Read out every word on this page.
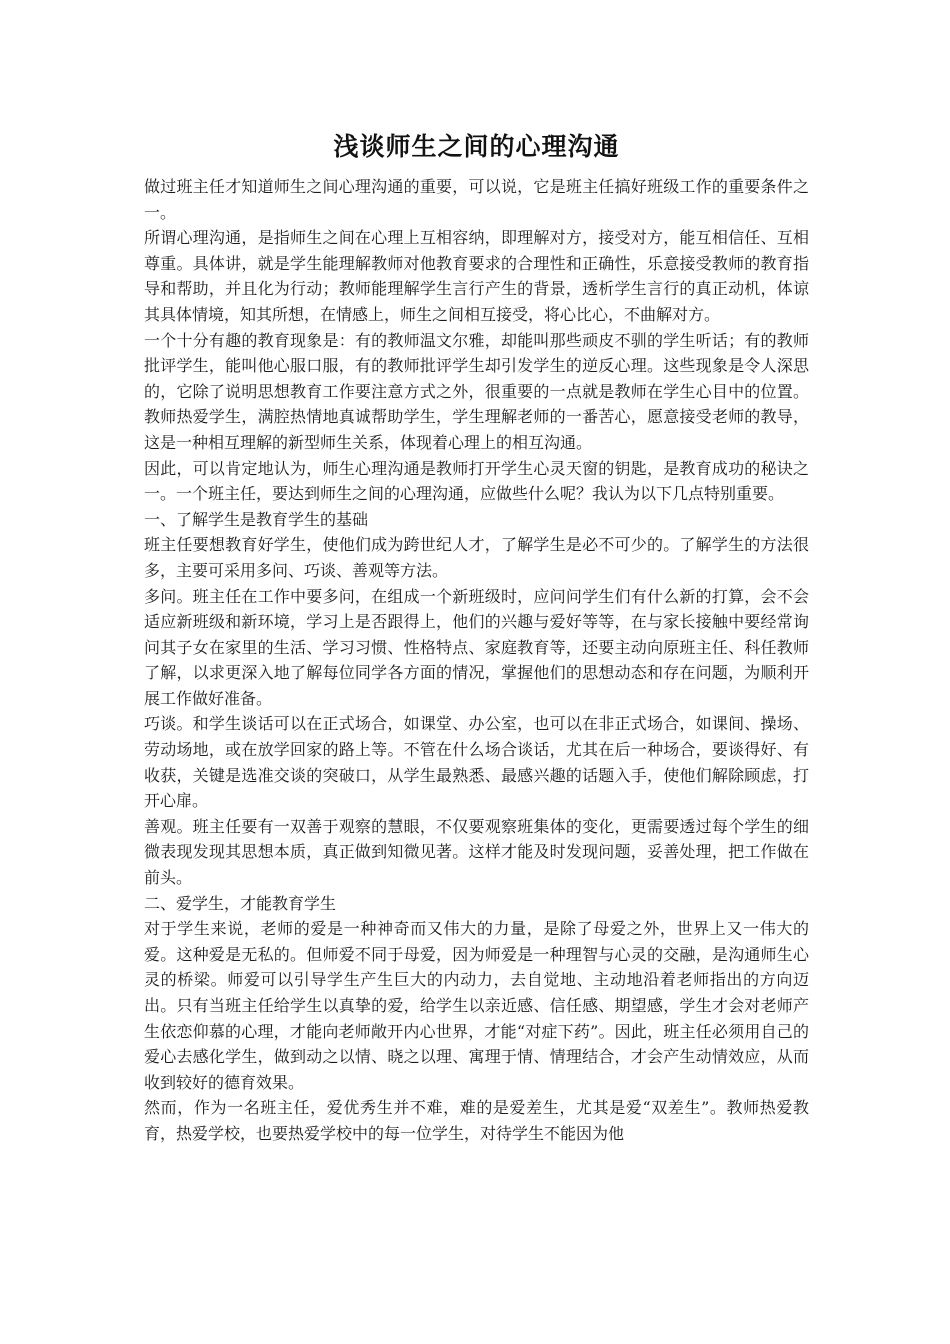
浅谈师生之间的心理沟通

做过班主任才知道师生之间心理沟通的重要，可以说，它是班主任搞好班级工作的重要条件之一。

所谓心理沟通，是指师生之间在心理上互相容纳，即理解对方，接受对方，能互相信任、互相尊重。具体讲，就是学生能理解教师对他教育要求的合理性和正确性，乐意接受教师的教育指导和帮助，并且化为行动；教师能理解学生言行产生的背景，透析学生言行的真正动机，体谅其具体情境，知其所想，在情感上，师生之间相互接受，将心比心，不曲解对方。

一个十分有趣的教育现象是：有的教师温文尔雅，却能叫那些顽皮不驯的学生听话；有的教师批评学生，能叫他心服口服，有的教师批评学生却引发学生的逆反心理。这些现象是令人深思的，它除了说明思想教育工作要注意方式之外，很重要的一点就是教师在学生心目中的位置。教师热爱学生，满腔热情地真诚帮助学生，学生理解老师的一番苦心，愿意接受老师的教导，这是一种相互理解的新型师生关系，体现着心理上的相互沟通。

因此，可以肯定地认为，师生心理沟通是教师打开学生心灵天窗的钥匙，是教育成功的秘诀之一。一个班主任，要达到师生之间的心理沟通，应做些什么呢？我认为以下几点特别重要。

一、了解学生是教育学生的基础

班主任要想教育好学生，使他们成为跨世纪人才，了解学生是必不可少的。了解学生的方法很多，主要可采用多问、巧谈、善观等方法。

多问。班主任在工作中要多问，在组成一个新班级时，应问问学生们有什么新的打算，会不会适应新班级和新环境，学习上是否跟得上，他们的兴趣与爱好等等，在与家长接触中要经常询问其子女在家里的生活、学习习惯、性格特点、家庭教育等，还要主动向原班主任、科任教师了解，以求更深入地了解每位同学各方面的情况，掌握他们的思想动态和存在问题，为顺利开展工作做好准备。

巧谈。和学生谈话可以在正式场合，如课堂、办公室，也可以在非正式场合，如课间、操场、劳动场地，或在放学回家的路上等。不管在什么场合谈话，尤其在后一种场合，要谈得好、有收获，关键是选准交谈的突破口，从学生最熟悉、最感兴趣的话题入手，使他们解除顾虑，打开心扉。

善观。班主任要有一双善于观察的慧眼，不仅要观察班集体的变化，更需要透过每个学生的细微表现发现其思想本质，真正做到知微见著。这样才能及时发现问题，妥善处理，把工作做在前头。

二、爱学生，才能教育学生

对于学生来说，老师的爱是一种神奇而又伟大的力量，是除了母爱之外，世界上又一伟大的爱。这种爱是无私的。但师爱不同于母爱，因为师爱是一种理智与心灵的交融，是沟通师生心灵的桥梁。师爱可以引导学生产生巨大的内动力，去自觉地、主动地沿着老师指出的方向迈出。只有当班主任给学生以真挚的爱，给学生以亲近感、信任感、期望感，学生才会对老师产生依恋仰慕的心理，才能向老师敞开内心世界，才能“对症下药”。因此，班主任必须用自己的爱心去感化学生，做到动之以情、晓之以理、寓理于情、情理结合，才会产生动情效应，从而收到较好的德育效果。

然而，作为一名班主任，爱优秀生并不难，难的是爱差生，尤其是爱“双差生”。教师热爱教育，热爱学校，也要热爱学校中的每一位学生，对待学生不能因为他
